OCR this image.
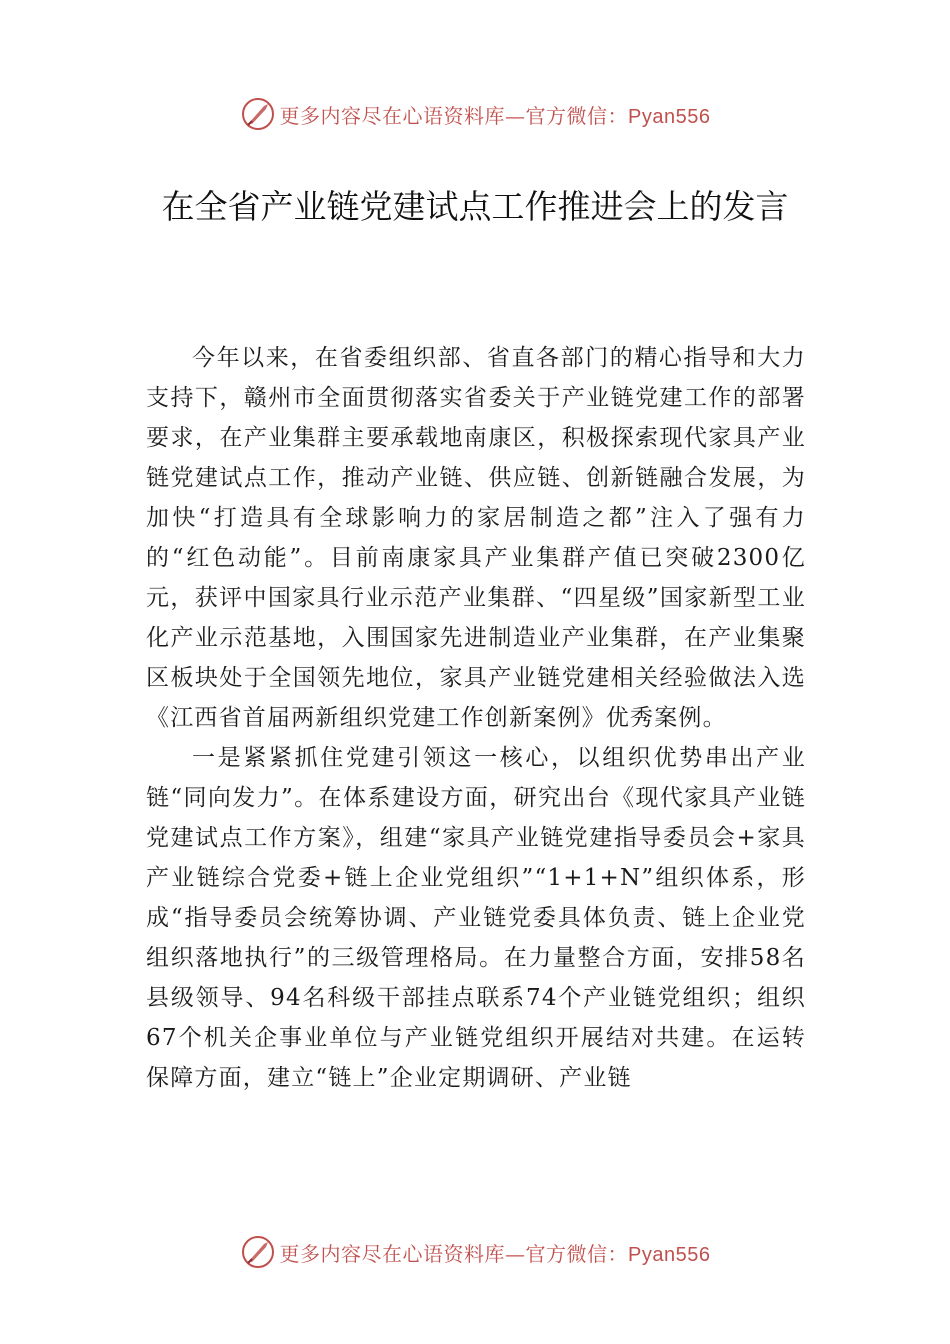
更多内容尽在心语资料库—官方微信：Pyan556
在全省产业链党建试点工作推进会上的发言

今年以来，在省委组织部、省直各部门的精心指导和大力支持下，赣州市全面贯彻落实省委关于产业链党建工作的部署要求，在产业集群主要承载地南康区，积极探索现代家具产业链党建试点工作，推动产业链、供应链、创新链融合发展，为加快“打造具有全球影响力的家居制造之都”注入了强有力的“红色动能”。目前南康家具产业集群产值已突破2300亿元，获评中国家具行业示范产业集群、“四星级”国家新型工业化产业示范基地，入围国家先进制造业产业集群，在产业集聚区板块处于全国领先地位，家具产业链党建相关经验做法入选《江西省首届两新组织党建工作创新案例》优秀案例。

一是紧紧抓住党建引领这一核心，以组织优势串出产业链“同向发力”。在体系建设方面，研究出台《现代家具产业链党建试点工作方案》，组建“家具产业链党建指导委员会+家具产业链综合党委+链上企业党组织”“1+1+N”组织体系，形成“指导委员会统筹协调、产业链党委具体负责、链上企业党组织落地执行”的三级管理格局。在力量整合方面，安排58名县级领导、94名科级干部挂点联系74个产业链党组织；组织67个机关企事业单位与产业链党组织开展结对共建。在运转保障方面，建立“链上”企业定期调研、产业链

更多内容尽在心语资料库—官方微信：Pyan556
